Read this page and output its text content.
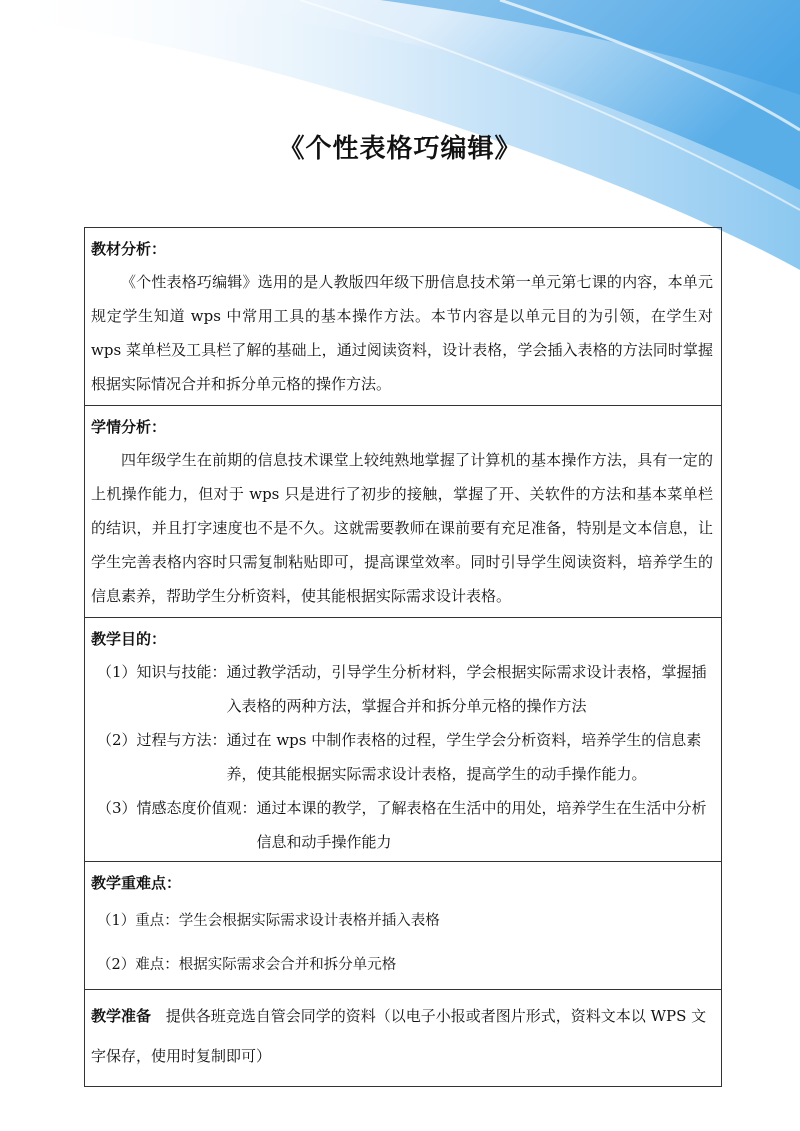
《个性表格巧编辑》
教材分析：
《个性表格巧编辑》选用的是人教版四年级下册信息技术第一单元第七课的内容，本单元规定学生知道 wps 中常用工具的基本操作方法。本节内容是以单元目的为引领，在学生对 wps 菜单栏及工具栏了解的基础上，通过阅读资料，设计表格，学会插入表格的方法同时掌握根据实际情况合并和拆分单元格的操作方法。

学情分析：
四年级学生在前期的信息技术课堂上较纯熟地掌握了计算机的基本操作方法，具有一定的上机操作能力，但对于 wps 只是进行了初步的接触，掌握了开、关软件的方法和基本菜单栏的结识，并且打字速度也不是不久。这就需要教师在课前要有充足准备，特别是文本信息，让学生完善表格内容时只需复制粘贴即可，提高课堂效率。同时引导学生阅读资料，培养学生的信息素养，帮助学生分析资料，使其能根据实际需求设计表格。

教学目的：
（1）知识与技能： 通过教学活动，引导学生分析材料，学会根据实际需求设计表格，掌握插入表格的两种方法，掌握合并和拆分单元格的操作方法
（2）过程与方法： 通过在 wps 中制作表格的过程，学生学会分析资料，培养学生的信息素养，使其能根据实际需求设计表格，提高学生的动手操作能力。
（3）情感态度价值观： 通过本课的教学，了解表格在生活中的用处，培养学生在生活中分析信息和动手操作能力

教学重难点：
（1）重点：学生会根据实际需求设计表格并插入表格
（2）难点：根据实际需求会合并和拆分单元格

教学准备 提供各班竞选自管会同学的资料（以电子小报或者图片形式，资料文本以 WPS 文字保存，使用时复制即可）
